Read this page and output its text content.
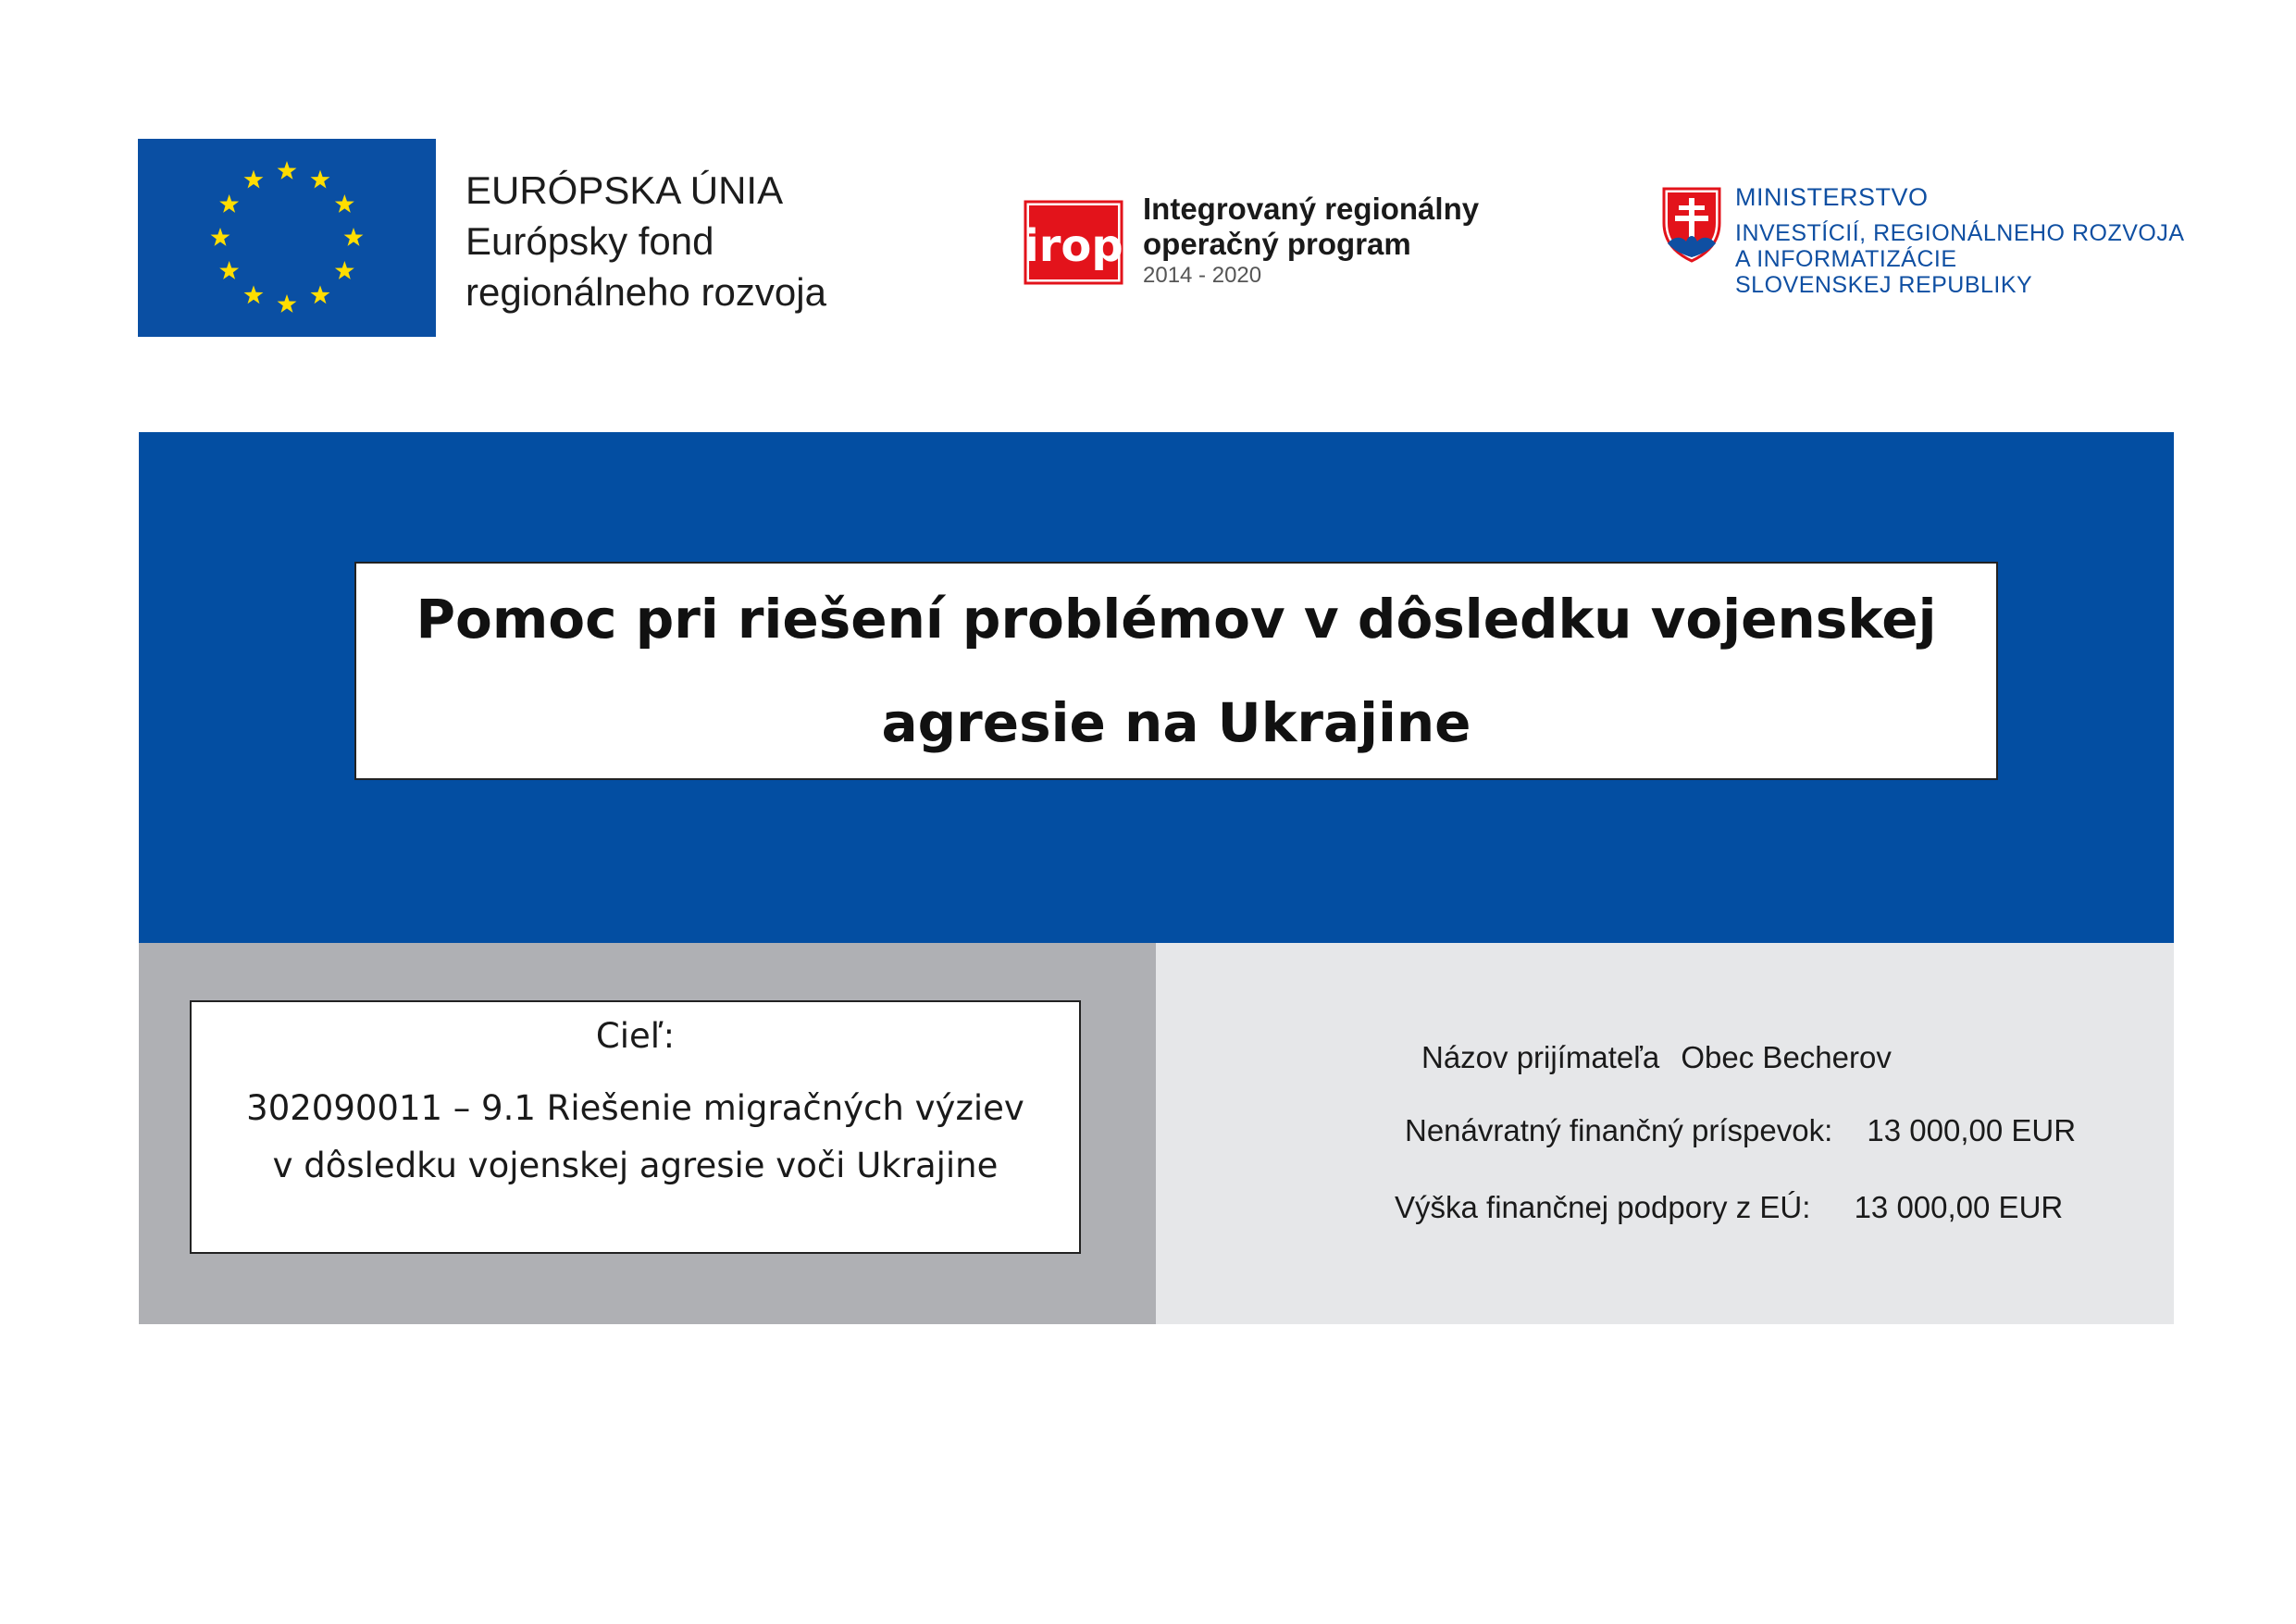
EURÓPSKA ÚNIA
Európsky fond
regionálneho rozvoja
irop
Integrovaný regionálny
operačný program
2014 - 2020
MINISTERSTVO
INVESTÍCIÍ, REGIONÁLNEHO ROZVOJA
A INFORMATIZÁCIE
SLOVENSKEJ REPUBLIKY
Pomoc pri riešení problémov v dôsledku vojenskej
agresie na Ukrajine
Cieľ:
302090011 – 9.1 Riešenie migračných výziev
v dôsledku vojenskej agresie voči Ukrajine
Názov prijímateľa Obec Becherov
Nenávratný finančný príspevok: 13 000,00 EUR
Výška finančnej podpory z EÚ: 13 000,00 EUR
